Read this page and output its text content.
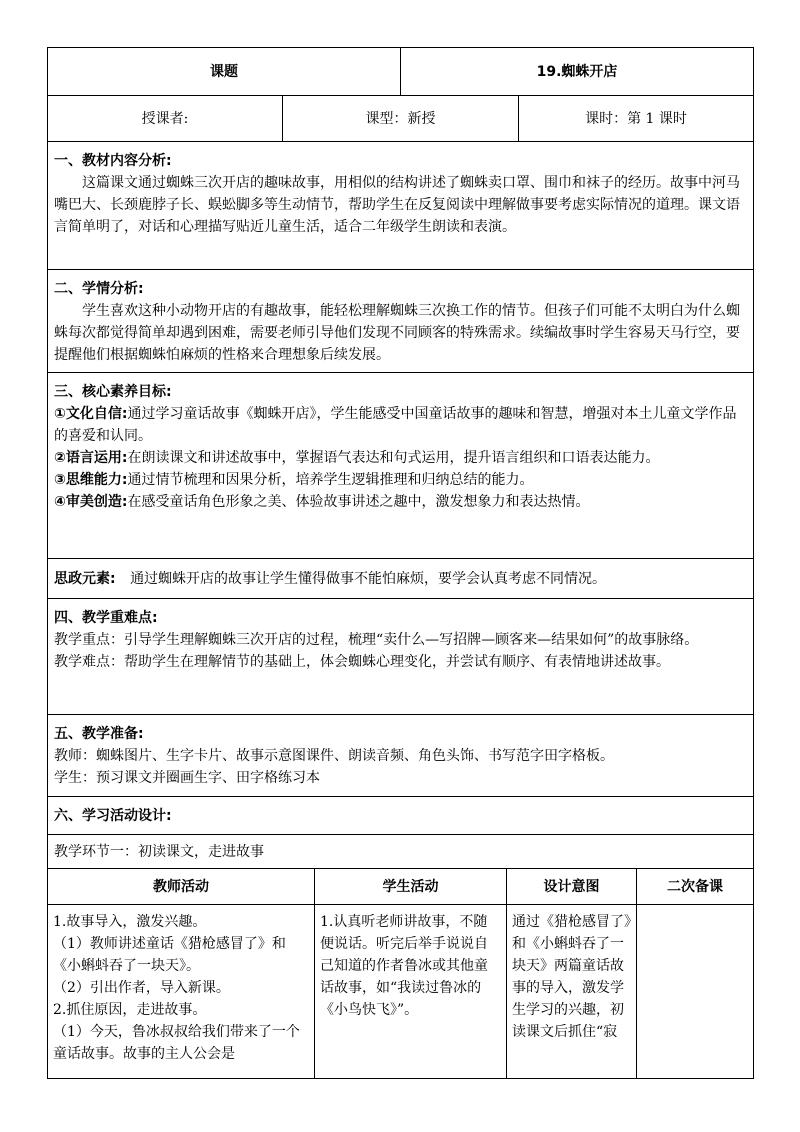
课题		19.蜘蛛开店	
授课者:	课型：新授		课时：第 1 课时

一、教材内容分析:

这篇课文通过蜘蛛三次开店的趣味故事，用相似的结构讲述了蜘蛛卖口罩、围巾和袜子的经历。故事中河马嘴巴大、长颈鹿脖子长、蜈蚣脚多等生动情节，帮助学生在反复阅读中理解做事要考虑实际情况的道理。课文语言简单明了，对话和心理描写贴近儿童生活，适合二年级学生朗读和表演。			

二、学情分析:

学生喜欢这种小动物开店的有趣故事，能轻松理解蜘蛛三次换工作的情节。但孩子们可能不太明白为什么蜘蛛每次都觉得简单却遇到困难，需要老师引导他们发现不同顾客的特殊需求。续编故事时学生容易天马行空，要提醒他们根据蜘蛛怕麻烦的性格来合理想象后续发展。			

三、核心素养目标:

①文化自信:通过学习童话故事《蜘蛛开店》，学生能感受中国童话故事的趣味和智慧，增强对本土儿童文学作品的喜爱和认同。

②语言运用:在朗读课文和讲述故事中，掌握语气表达和句式运用，提升语言组织和口语表达能力。

③思维能力:通过情节梳理和因果分析，培养学生逻辑推理和归纳总结的能力。

④审美创造:在感受童话角色形象之美、体验故事讲述之趣中，激发想象力和表达热情。			

思政元素: 通过蜘蛛开店的故事让学生懂得做事不能怕麻烦，要学会认真考虑不同情况。			

四、教学重难点:

教学重点：引导学生理解蜘蛛三次开店的过程，梳理“卖什么—写招牌—顾客来—结果如何”的故事脉络。

教学难点：帮助学生在理解情节的基础上，体会蜘蛛心理变化，并尝试有顺序、有表情地讲述故事。			

五、教学准备:

教师：蜘蛛图片、生字卡片、故事示意图课件、朗读音频、角色头饰、书写范字田字格板。

学生：预习课文并圈画生字、田字格练习本			

六、学习活动设计:			
教学环节一：初读课文，走进故事			
教师活动	学生活动	设计意图	二次备课

1.故事导入，激发兴趣。
（1）教师讲述童话《猎枪感冒了》和《小蝌蚪吞了一块天》。
（2）引出作者，导入新课。
2.抓住原因，走进故事。
（1）今天，鲁冰叔叔给我们带来了一个童话故事。故事的主人公会是	1.认真听老师讲故事，不随便说话。听完后举手说说自己知道的作者鲁冰或其他童话故事，如“我读过鲁冰的《小鸟快飞》”。	通过《猎枪感冒了》和《小蝌蚪吞了一块天》两篇童话故事的导入，激发学生学习的兴趣，初读课文后抓住“寂	
